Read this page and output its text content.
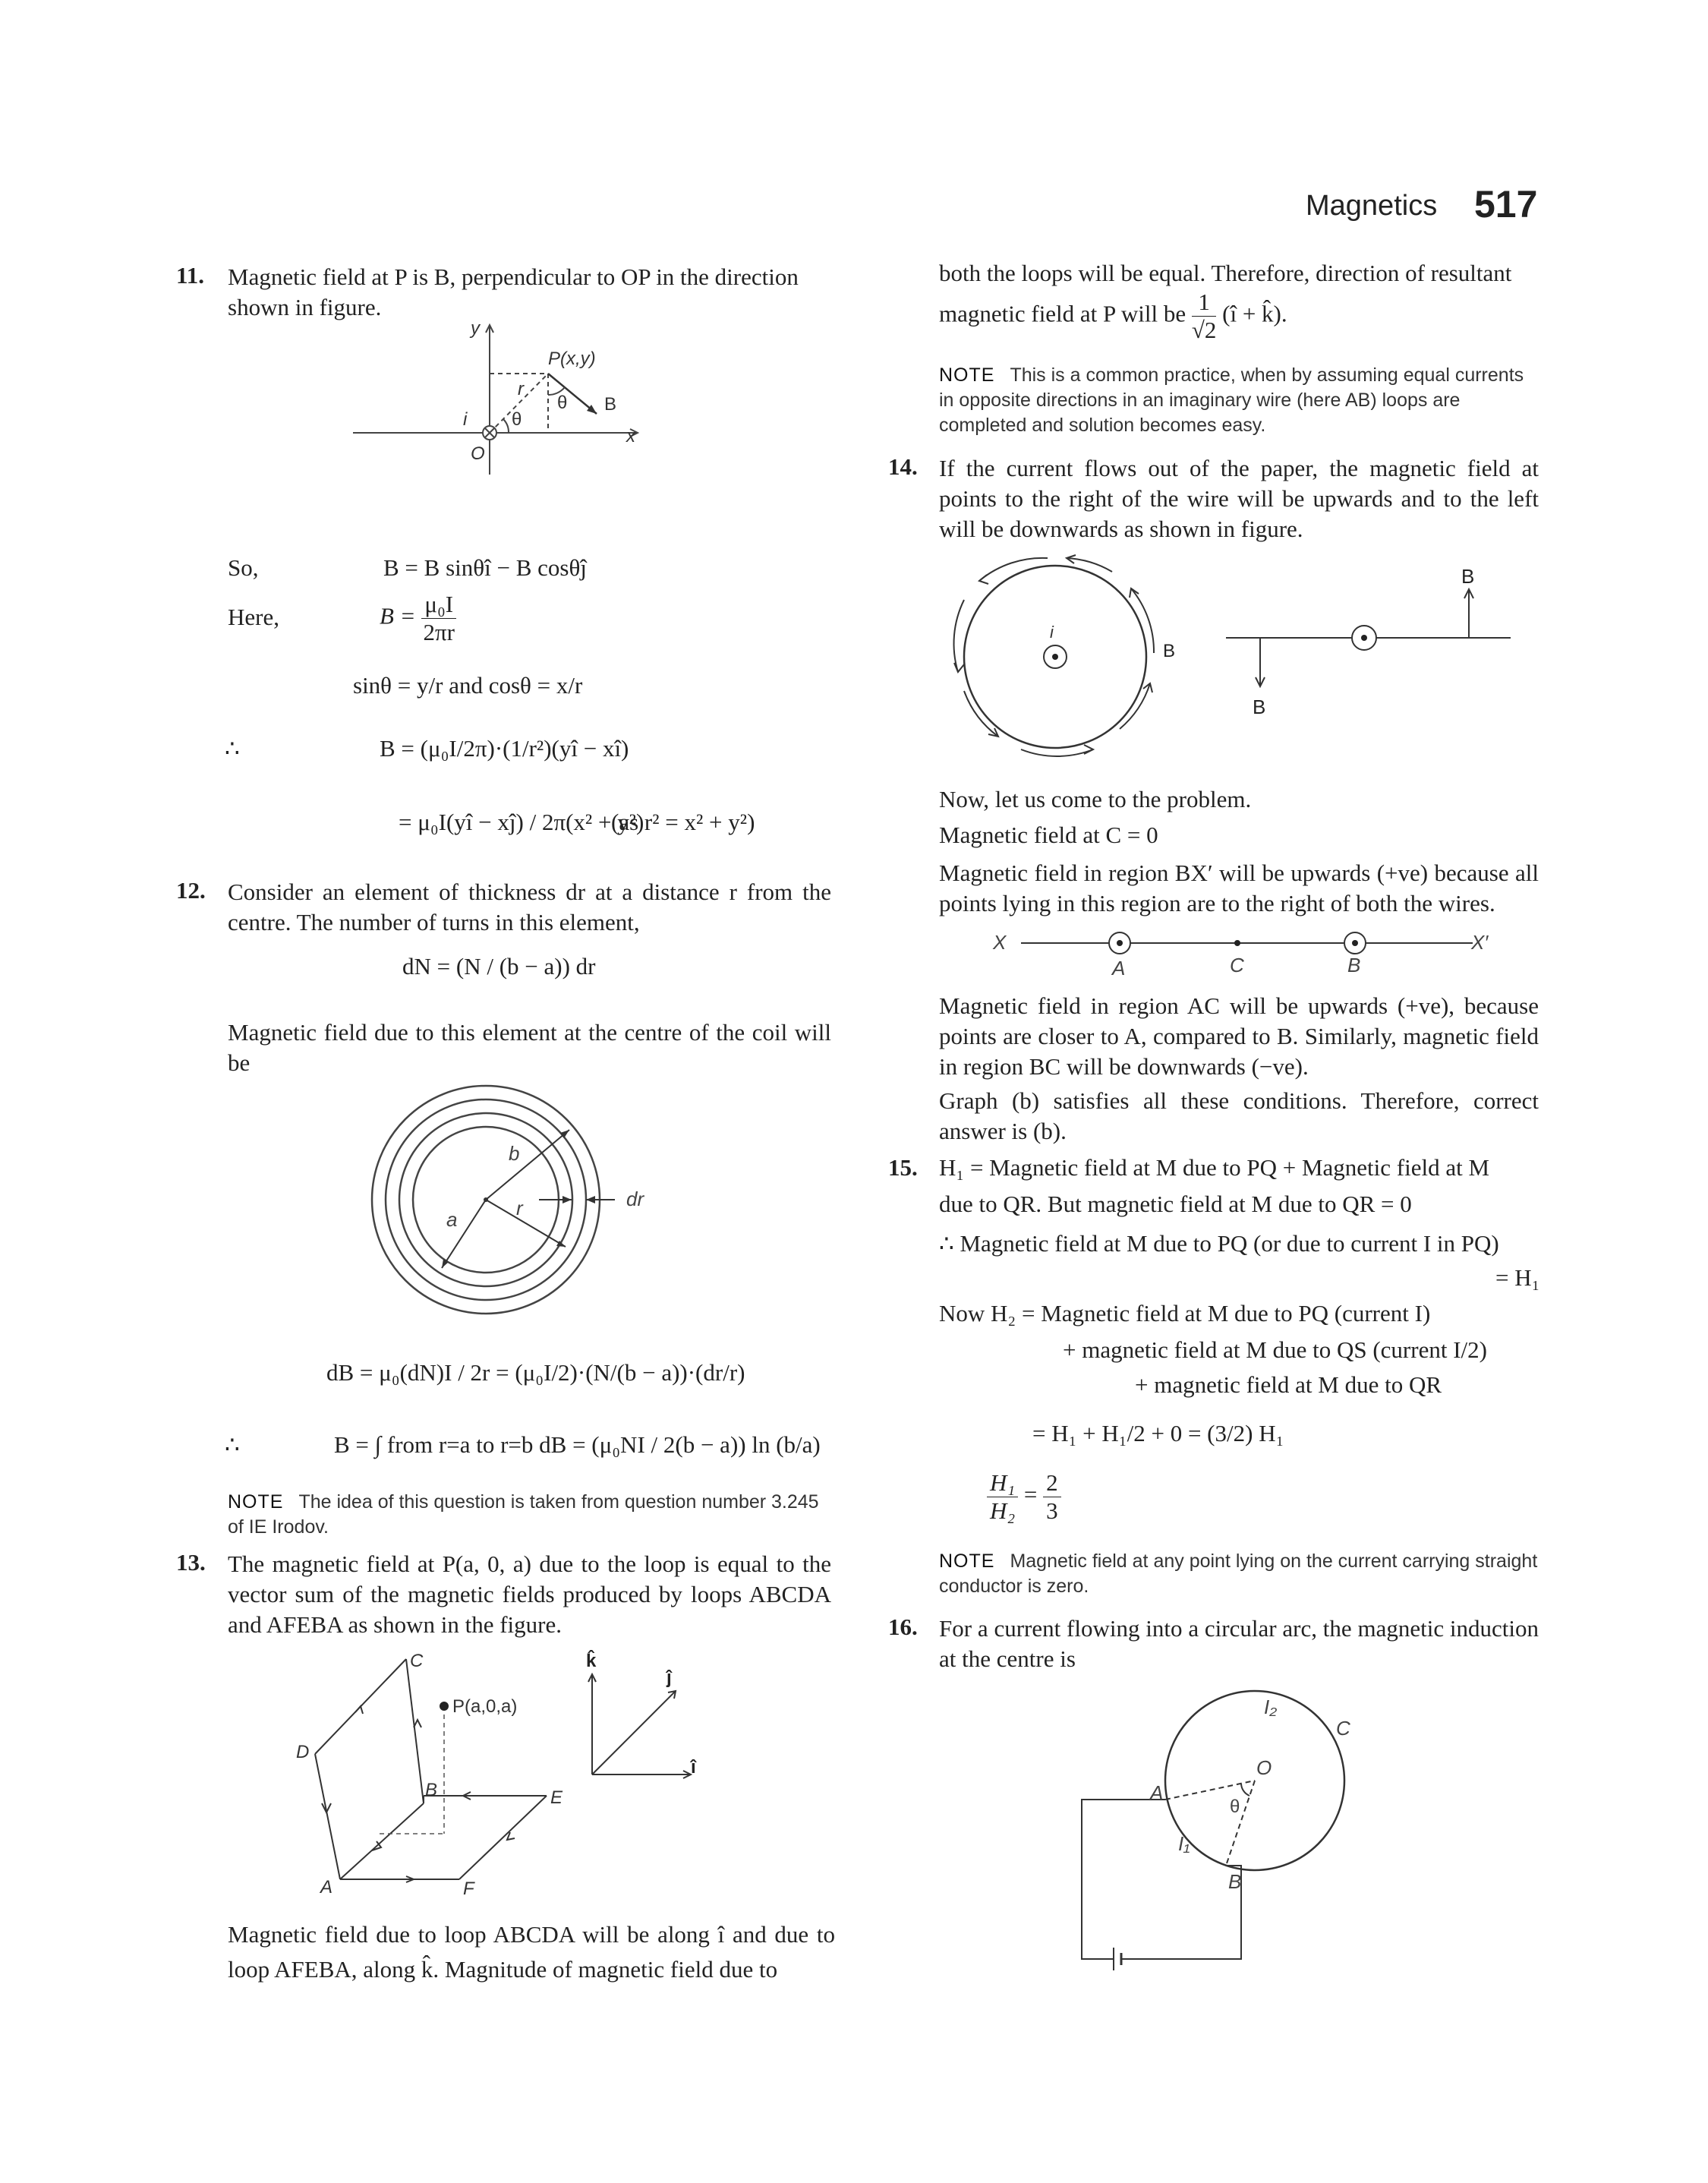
Magnetics 517
11. Magnetic field at P is B, perpendicular to OP in the direction shown in figure.

y
x
P(x,y)
r
θ
θ B
i
O
So,	B = B sinθî − B cosθĵ
Here,	$B = \frac{\text{μ₀I}}{2\pi r}$
sinθ = y/r and cosθ = x/r
∴	B = (μ₀I/2π)·(1/r²)(yî − xî)
= μ₀I(yî − xĵ) / 2π(x² + y²)
(as r² = x² + y²)
12. Consider an element of thickness dr at a distance r from the centre. The number of turns in this element,

dN = (N / (b − a)) dr

Magnetic field due to this element at the centre of the coil will be

b
a	r	dr
dB = μ₀(dN)I / 2r = (μ₀I/2)·(N/(b − a))·(dr/r)
∴	B = ∫ from r=a to r=b dB = (μ₀NI / 2(b − a)) ln (b/a)
NOTE The idea of this question is taken from question number 3.245 of IE Irodov.
13. The magnetic field at P(a, 0, a) due to the loop is equal to the vector sum of the magnetic fields produced by loops ABCDA and AFEBA as shown in the figure.

C
D
B	E
A	F
P(a,0,a)
k̂
ĵ
î

Magnetic field due to loop ABCDA will be along î and due to loop AFEBA, along k̂. Magnitude of magnetic field due to

both the loops will be equal. Therefore, direction of resultant

magnetic field at P will be $\frac{1}{√2}$ (î + k̂).
NOTE This is a common practice, when by assuming equal currents in opposite directions in an imaginary wire (here AB) loops are completed and solution becomes easy.
14. If the current flows out of the paper, the magnetic field at points to the right of the wire will be upwards and to the left will be downwards as shown in figure.

i
B
B
B

Now, let us come to the problem.

Magnetic field at C = 0

Magnetic field in region BX′ will be upwards (+ve) because all points lying in this region are to the right of both the wires.

X
A	C	B
X′

Magnetic field in region AC will be upwards (+ve), because points are closer to A, compared to B. Similarly, magnetic field in region BC will be downwards (−ve).

Graph (b) satisfies all these conditions. Therefore, correct answer is (b).

15. H₁ = Magnetic field at M due to PQ + Magnetic field at M
due to QR. But magnetic field at M due to QR = 0
∴ Magnetic field at M due to PQ (or due to current I in PQ)
= H₁
Now H₂ = Magnetic field at M due to PQ (current I)
+ magnetic field at M due to QS (current I/2)
+ magnetic field at M due to QR
= H₁ + H₁/2 + 0 = (3/2) H₁
$\frac{\text{H₁}}{\text{H₂}} = \frac{2}{3}$
NOTE Magnetic field at any point lying on the current carrying straight conductor is zero.
16. For a current flowing into a circular arc, the magnetic induction at the centre is

I₂
C
A
O
θ
I₁
B
